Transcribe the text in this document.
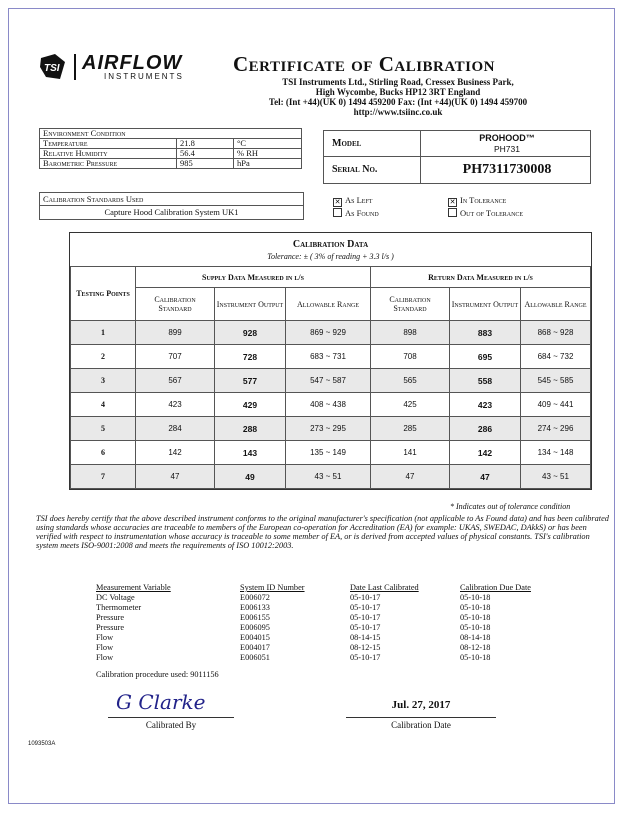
TSI AIRFLOW
INSTRUMENTS
Certificate of Calibration
TSI Instruments Ltd., Stirling Road, Cressex Business Park,
High Wycombe, Bucks HP12 3RT England
Tel: (Int +44)(UK 0) 1494 459200 Fax: (Int +44)(UK 0) 1494 459700
http://www.tsiinc.co.uk
Environment Condition		
Temperature	21.8	°C
Relative Humidity	56.4	% RH
Barometric Pressure	985	hPa
Model	PROHOOD™
PH731
Serial No.	PH7311730008
Calibration Standards Used
Capture Hood Calibration System UK1
✕ As Left
As Found
✕ In Tolerance
Out of Tolerance
Calibration Data
Tolerance: ± ( 3% of reading + 3.3 l/s )
Testing Points	Supply Data Measured in l/s			Return Data Measured in l/s		
	Calibration Standard	Instrument Output	Allowable Range	Calibration Standard	Instrument Output	Allowable Range
1	899	928	869 ~ 929	898	883	868 ~ 928
2	707	728	683 ~ 731	708	695	684 ~ 732
3	567	577	547 ~ 587	565	558	545 ~ 585
4	423	429	408 ~ 438	425	423	409 ~ 441
5	284	288	273 ~ 295	285	286	274 ~ 296
6	142	143	135 ~ 149	141	142	134 ~ 148
7	47	49	43 ~ 51	47	47	43 ~ 51
* Indicates out of tolerance condition
TSI does hereby certify that the above described instrument conforms to the original manufacturer's specification (not applicable to As Found data) and has been calibrated using standards whose accuracies are traceable to members of the European co-operation for Accreditation (EA) for example: UKAS, SWEDAC, DAkkS) or has been verified with respect to instrumentation whose accuracy is traceable to some member of EA, or is derived from accepted values of physical constants. TSI's calibration system meets ISO-9001:2008 and meets the requirements of ISO 10012:2003.
Measurement Variable	System ID Number	Date Last Calibrated	Calibration Due Date
DC Voltage	E006072	05-10-17	05-10-18
Thermometer	E006133	05-10-17	05-10-18
Pressure	E006155	05-10-17	05-10-18
Pressure	E006095	05-10-17	05-10-18
Flow	E004015	08-14-15	08-14-18
Flow	E004017	08-12-15	08-12-18
Flow	E006051	05-10-17	05-10-18
Calibration procedure used: 9011156
G Clarke
Calibrated By
Jul. 27, 2017
Calibration Date
1093503A
